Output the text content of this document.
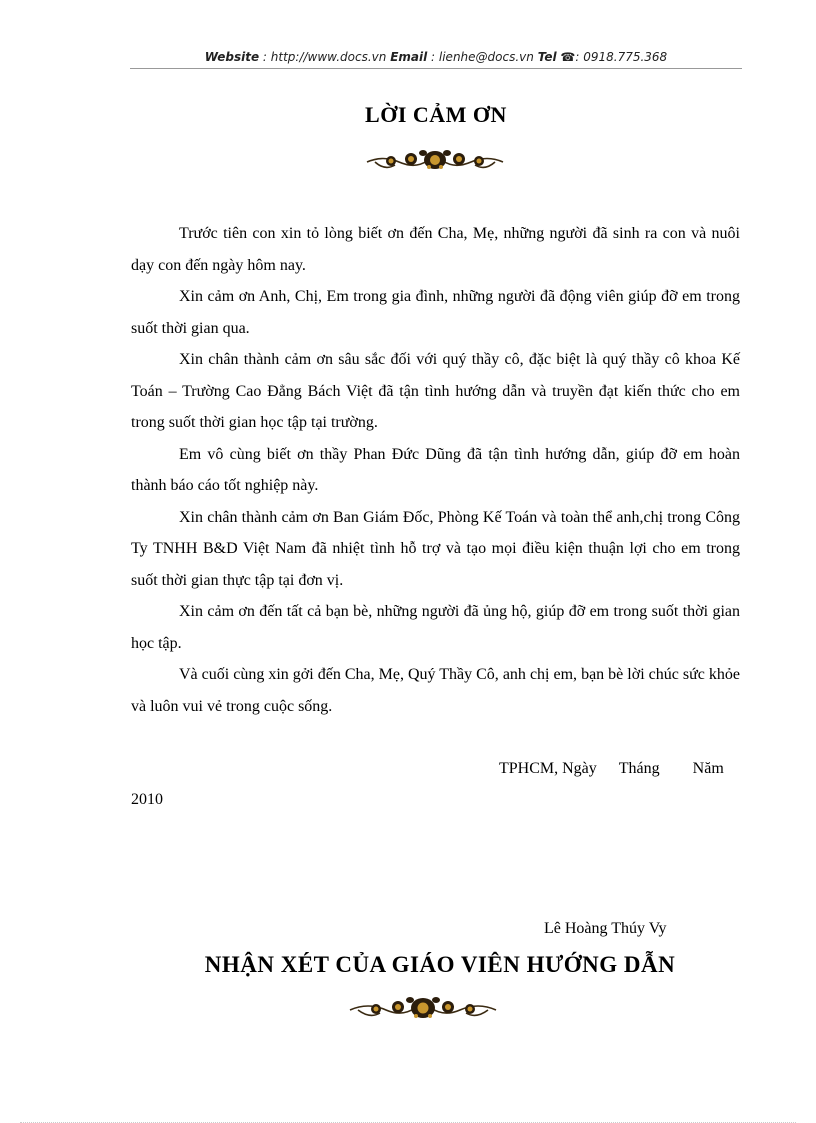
Website : http://www.docs.vn Email : lienhe@docs.vn Tel ☎: 0918.775.368
LỜI CẢM ƠN

Trước tiên con xin tỏ lòng biết ơn đến Cha, Mẹ, những người đã sinh ra con và nuôi dạy con đến ngày hôm nay.

Xin cảm ơn Anh, Chị, Em trong gia đình, những người đã động viên giúp đỡ em trong suốt thời gian qua.

Xin chân thành cảm ơn sâu sắc đối với quý thầy cô, đặc biệt là quý thầy cô khoa Kế Toán – Trường Cao Đẳng Bách Việt đã tận tình hướng dẫn và truyền đạt kiến thức cho em trong suốt thời gian học tập tại trường.

Em vô cùng biết ơn thầy Phan Đức Dũng đã tận tình hướng dẫn, giúp đỡ em hoàn thành báo cáo tốt nghiệp này.

Xin chân thành cảm ơn Ban Giám Đốc, Phòng Kế Toán và toàn thể anh,chị trong Công Ty TNHH B&D Việt Nam đã nhiệt tình hỗ trợ và tạo mọi điều kiện thuận lợi cho em trong suốt thời gian thực tập tại đơn vị.

Xin cảm ơn đến tất cả bạn bè, những người đã ủng hộ, giúp đỡ em trong suốt thời gian học tập.

Và cuối cùng xin gởi đến Cha, Mẹ, Quý Thầy Cô, anh chị em, bạn bè lời chúc sức khỏe và luôn vui vẻ trong cuộc sống.

TPHCM, Ngày Tháng Năm
2010
Lê Hoàng Thúy Vy
NHẬN XÉT CỦA GIÁO VIÊN HƯỚNG DẪN
